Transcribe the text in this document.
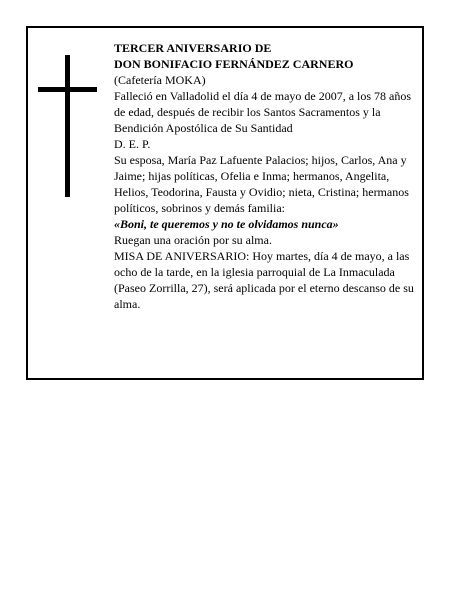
TERCER ANIVERSARIO DE

DON BONIFACIO FERNÁNDEZ CARNERO

(Cafetería MOKA)

Falleció en Valladolid el día 4 de mayo de 2007, a los 78 años de edad, después de recibir los Santos Sacramentos y la Bendición Apostólica de Su Santidad

D. E. P.

Su esposa, María Paz Lafuente Palacios; hijos, Carlos, Ana y Jaime; hijas políticas, Ofelia e Inma; hermanos, Angelita, Helios, Teodorina, Fausta y Ovidio; nieta, Cristina; hermanos políticos, sobrinos y demás familia:

«Boni, te queremos y no te olvidamos nunca»

Ruegan una oración por su alma.

MISA DE ANIVERSARIO: Hoy martes, día 4 de mayo, a las ocho de la tarde, en la iglesia parroquial de La Inmaculada (Paseo Zorrilla, 27), será aplicada por el eterno descanso de su alma.
